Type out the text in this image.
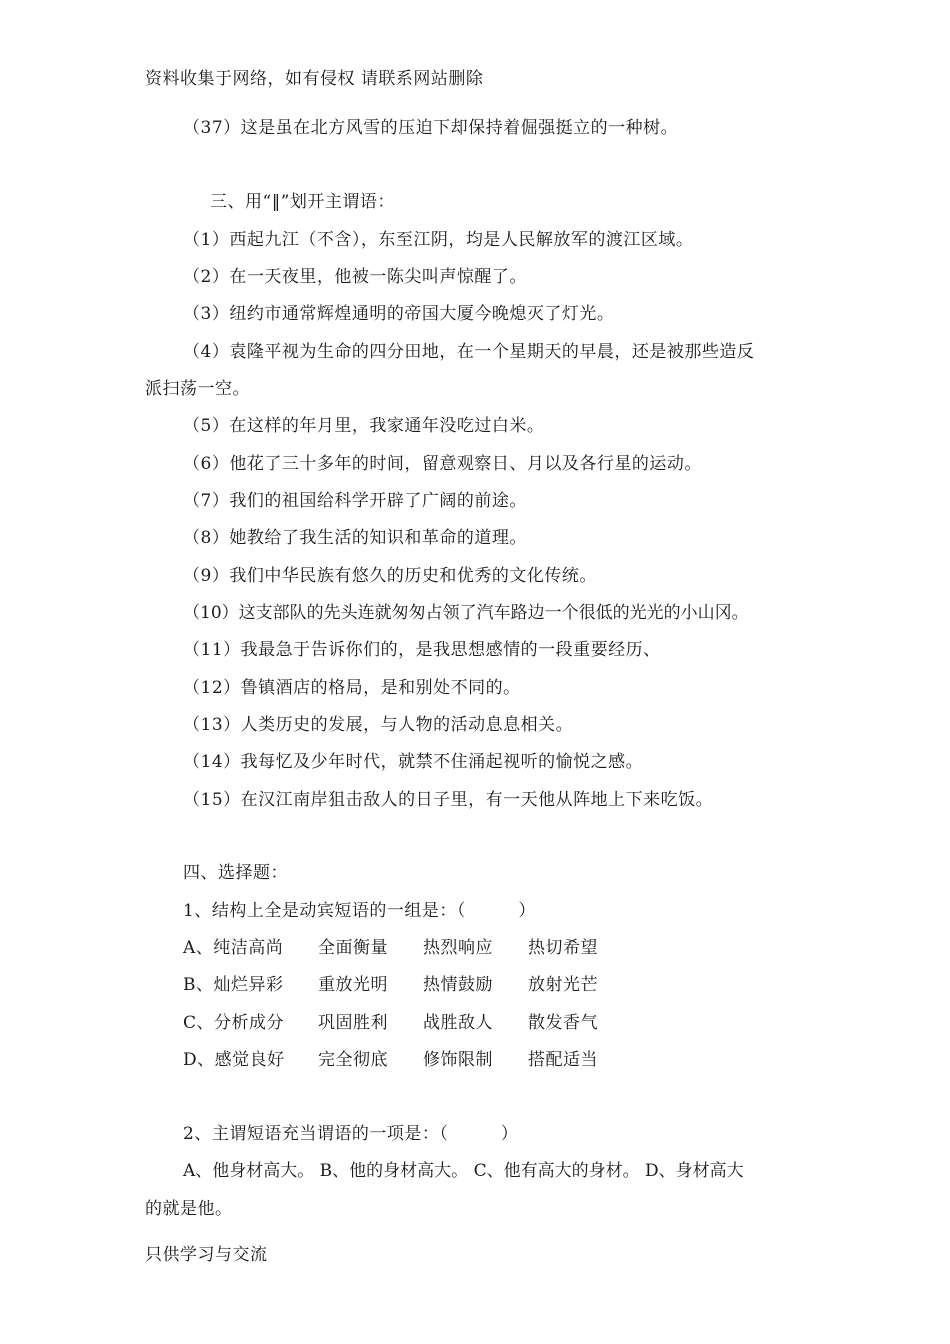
资料收集于网络，如有侵权 请联系网站删除
（37）这是虽在北方风雪的压迫下却保持着倔强挺立的一种树。
三、用“‖”划开主谓语：
（1）西起九江（不含），东至江阴，均是人民解放军的渡江区域。
（2）在一天夜里，他被一陈尖叫声惊醒了。
（3）纽约市通常辉煌通明的帝国大厦今晚熄灭了灯光。
（4）袁隆平视为生命的四分田地，在一个星期天的早晨，还是被那些造反
派扫荡一空。
（5）在这样的年月里，我家通年没吃过白米。
（6）他花了三十多年的时间，留意观察日、月以及各行星的运动。
（7）我们的祖国给科学开辟了广阔的前途。
（8）她教给了我生活的知识和革命的道理。
（9）我们中华民族有悠久的历史和优秀的文化传统。
（10）这支部队的先头连就匆匆占领了汽车路边一个很低的光光的小山冈。
（11）我最急于告诉你们的，是我思想感情的一段重要经历、
（12）鲁镇酒店的格局，是和别处不同的。
（13）人类历史的发展，与人物的活动息息相关。
（14）我每忆及少年时代，就禁不住涌起视听的愉悦之感。
（15）在汉江南岸狙击敌人的日子里，有一天他从阵地上下来吃饭。
四、选择题：
1、结构上全是动宾短语的一组是：（　　　）
A、纯洁高尚 全面衡量 热烈响应 热切希望
B、灿烂异彩 重放光明 热情鼓励 放射光芒
C、分析成分 巩固胜利 战胜敌人 散发香气
D、感觉良好 完全彻底 修饰限制 搭配适当
2、主谓短语充当谓语的一项是：（　　　）
A、他身材高大。 B、他的身材高大。 C、他有高大的身材。 D、身材高大
的就是他。
只供学习与交流
